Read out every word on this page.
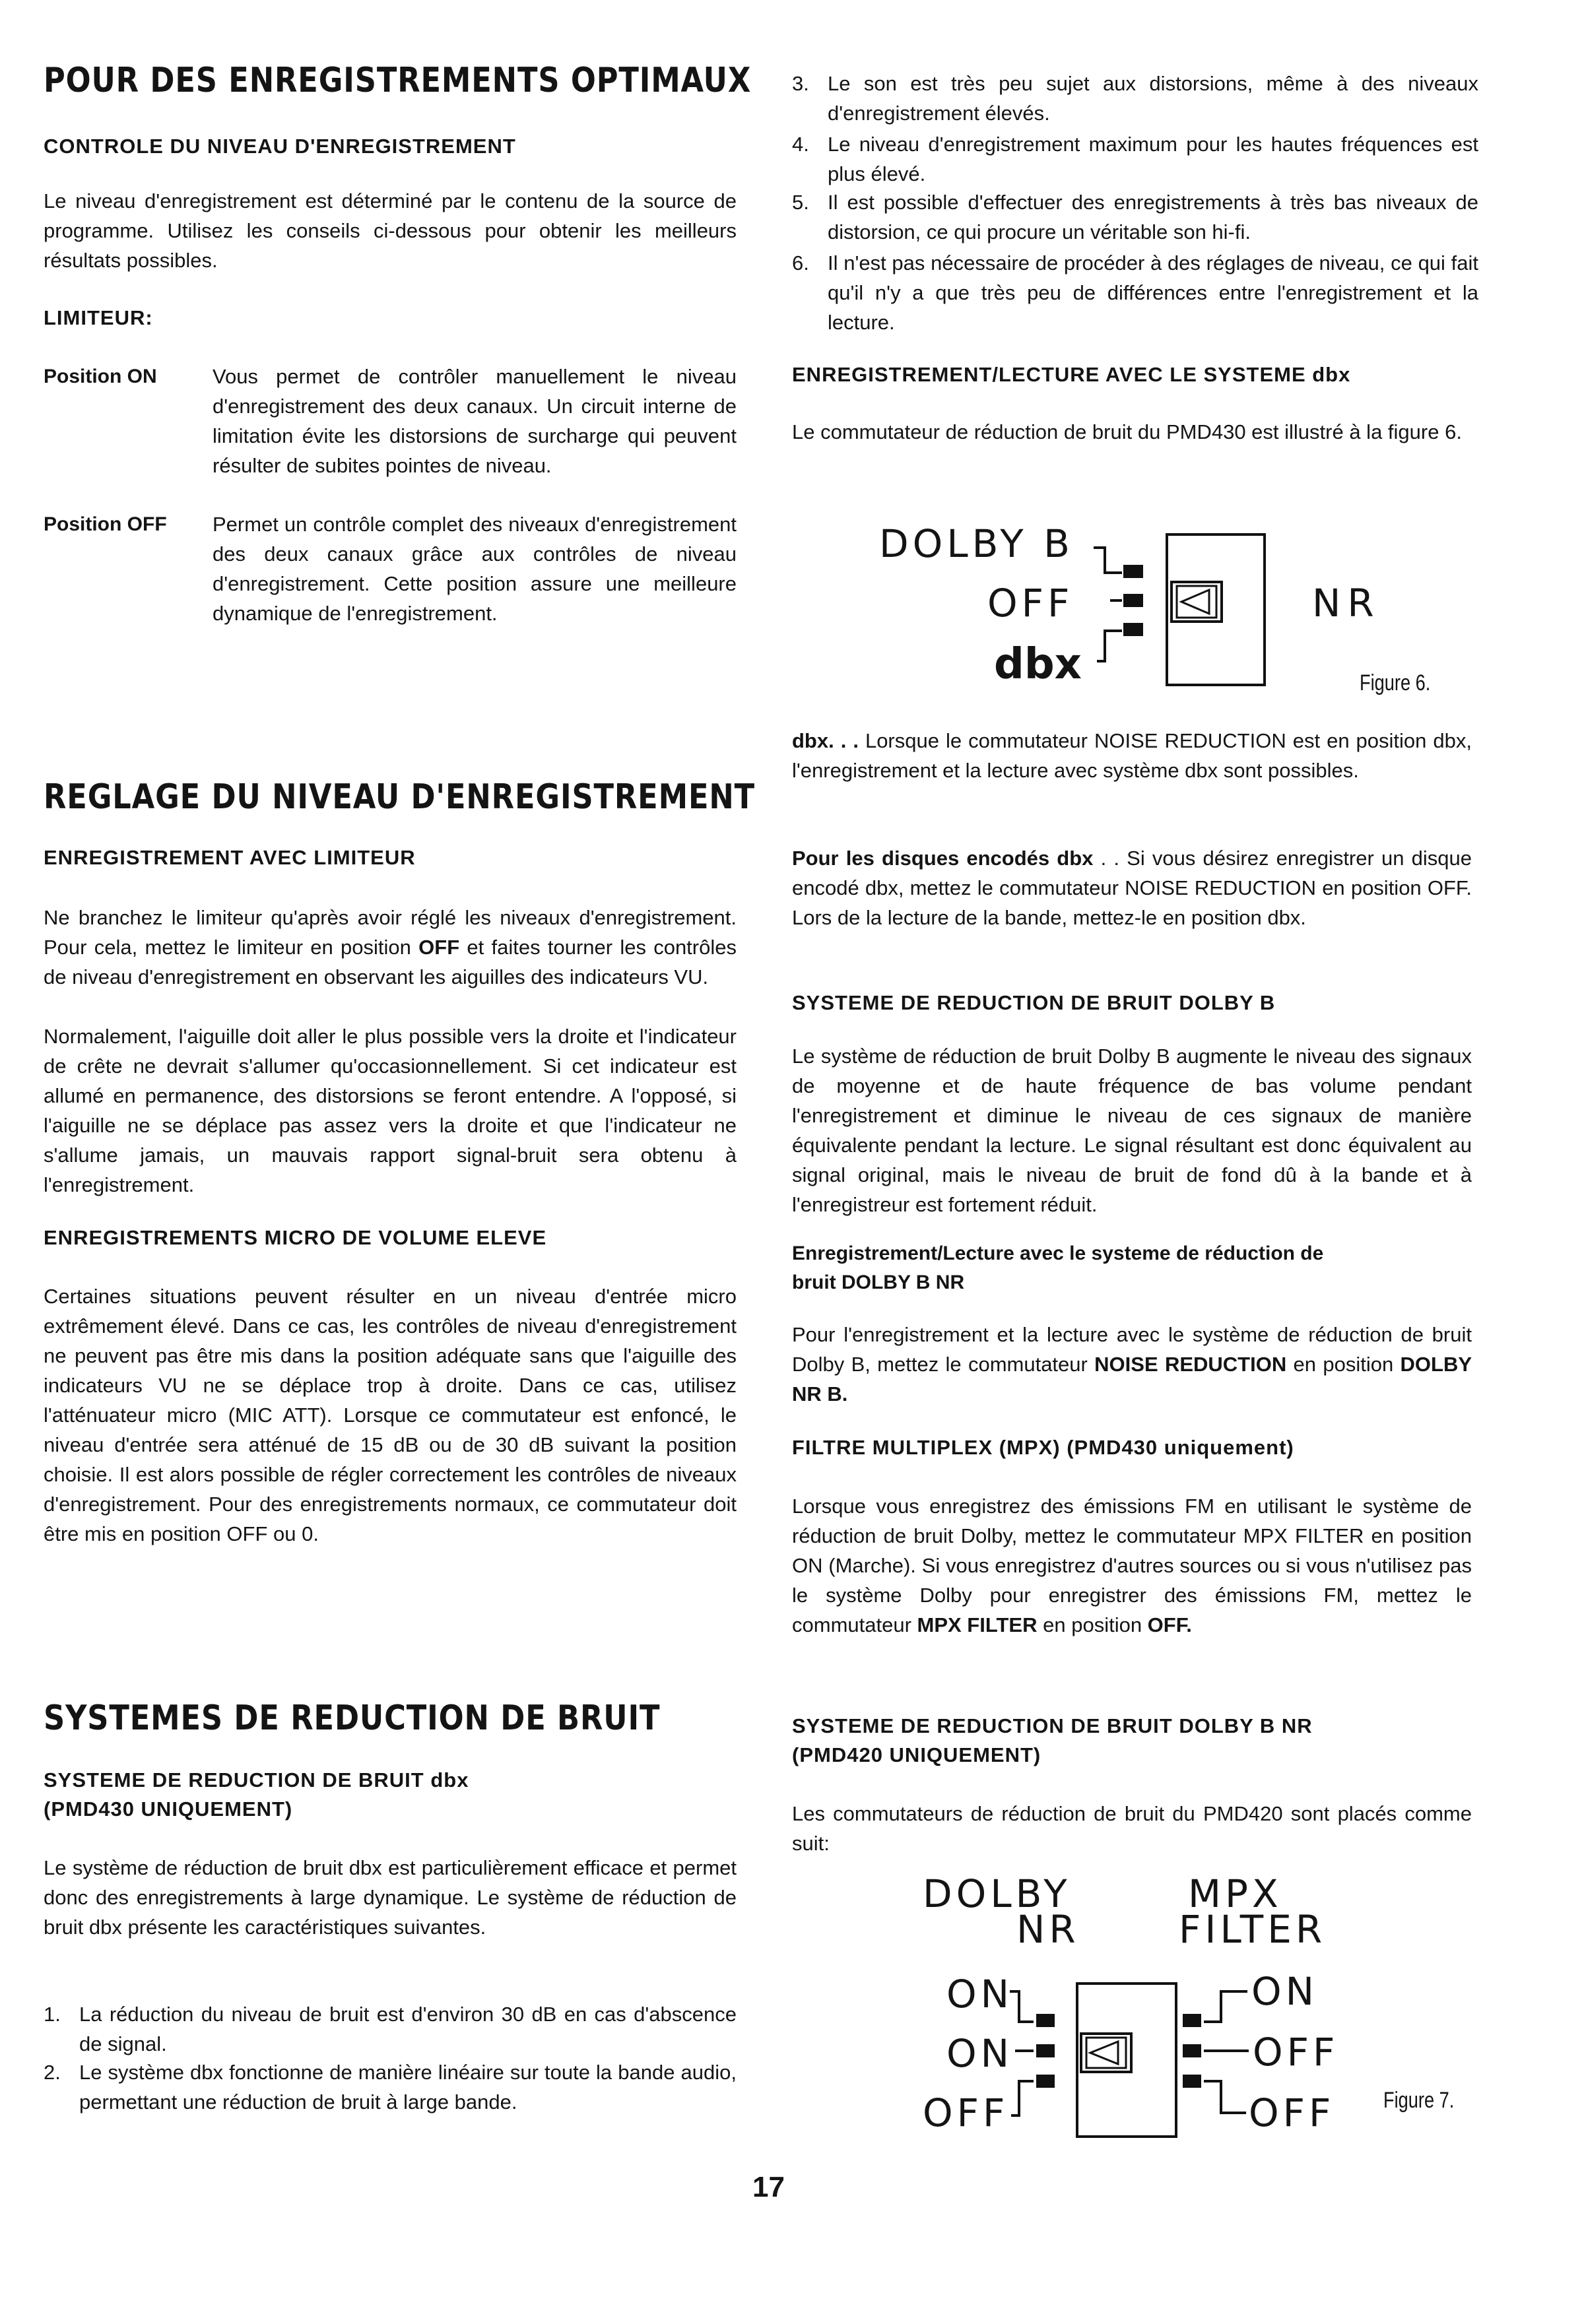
POUR DES ENREGISTREMENTS OPTIMAUX
CONTROLE DU NIVEAU D'ENREGISTREMENT

Le niveau d'enregistrement est déterminé par le contenu de la source de programme. Utilisez les conseils ci-dessous pour obtenir les meilleurs résultats possibles.

LIMITEUR:
Position ON	Vous permet de contrôler manuellement le niveau d'enregistrement des deux canaux. Un circuit interne de limitation évite les distorsions de surcharge qui peuvent résulter de subites pointes de niveau.

Position OFF Permet un contrôle complet des niveaux d'enregistrement des deux canaux grâce aux contrôles de niveau d'enregistrement. Cette position assure une meilleure dynamique de l'enregistrement.

REGLAGE DU NIVEAU D'ENREGISTREMENT
ENREGISTREMENT AVEC LIMITEUR

Ne branchez le limiteur qu'après avoir réglé les niveaux d'enregistrement. Pour cela, mettez le limiteur en position OFF et faites tourner les contrôles de niveau d'enregistrement en observant les aiguilles des indicateurs VU.

Normalement, l'aiguille doit aller le plus possible vers la droite et l'indicateur de crête ne devrait s'allumer qu'occasionnellement. Si cet indicateur est allumé en permanence, des distorsions se feront entendre. A l'opposé, si l'aiguille ne se déplace pas assez vers la droite et que l'indicateur ne s'allume jamais, un mauvais rapport signal-bruit sera obtenu à l'enregistrement.

ENREGISTREMENTS MICRO DE VOLUME ELEVE

Certaines situations peuvent résulter en un niveau d'entrée micro extrêmement élevé. Dans ce cas, les contrôles de niveau d'enregistrement ne peuvent pas être mis dans la position adéquate sans que l'aiguille des indicateurs VU ne se déplace trop à droite. Dans ce cas, utilisez l'atténuateur micro (MIC ATT). Lorsque ce commutateur est enfoncé, le niveau d'entrée sera atténué de 15 dB ou de 30 dB suivant la position choisie. Il est alors possible de régler correctement les contrôles de niveaux d'enregistrement. Pour des enregistrements normaux, ce commutateur doit être mis en position OFF ou 0.

SYSTEMES DE REDUCTION DE BRUIT
SYSTEME DE REDUCTION DE BRUIT dbx
(PMD430 UNIQUEMENT)

Le système de réduction de bruit dbx est particulièrement efficace et permet donc des enregistrements à large dynamique. Le système de réduction de bruit dbx présente les caractéristiques suivantes.

1. La réduction du niveau de bruit est d'environ 30 dB en cas d'abscence de signal.
2. Le système dbx fonctionne de manière linéaire sur toute la bande audio, permettant une réduction de bruit à large bande.
3. Le son est très peu sujet aux distorsions, même à des niveaux d'enregistrement élevés.
4. Le niveau d'enregistrement maximum pour les hautes fréquences est plus élevé.
5. Il est possible d'effectuer des enregistrements à très bas niveaux de distorsion, ce qui procure un véritable son hi-fi.
6. Il n'est pas nécessaire de procéder à des réglages de niveau, ce qui fait qu'il n'y a que très peu de différences entre l'enregistrement et la lecture.
ENREGISTREMENT/LECTURE AVEC LE SYSTEME dbx

Le commutateur de réduction de bruit du PMD430 est illustré à la figure 6.

DOLBY B
OFF
dbx
NR
Figure 6.

dbx. . . Lorsque le commutateur NOISE REDUCTION est en position dbx, l'enregistrement et la lecture avec système dbx sont possibles.

Pour les disques encodés dbx . . Si vous désirez enregistrer un disque encodé dbx, mettez le commutateur NOISE REDUCTION en position OFF. Lors de la lecture de la bande, mettez-le en position dbx.

SYSTEME DE REDUCTION DE BRUIT DOLBY B

Le système de réduction de bruit Dolby B augmente le niveau des signaux de moyenne et de haute fréquence de bas volume pendant l'enregistrement et diminue le niveau de ces signaux de manière équivalente pendant la lecture. Le signal résultant est donc équivalent au signal original, mais le niveau de bruit de fond dû à la bande et à l'enregistreur est fortement réduit.

Enregistrement/Lecture avec le systeme de réduction de
bruit DOLBY B NR

Pour l'enregistrement et la lecture avec le système de réduction de bruit Dolby B, mettez le commutateur NOISE REDUCTION en position DOLBY NR B.

FILTRE MULTIPLEX (MPX) (PMD430 uniquement)

Lorsque vous enregistrez des émissions FM en utilisant le système de réduction de bruit Dolby, mettez le commutateur MPX FILTER en position ON (Marche). Si vous enregistrez d'autres sources ou si vous n'utilisez pas le système Dolby pour enregistrer des émissions FM, mettez le commutateur MPX FILTER en position OFF.

SYSTEME DE REDUCTION DE BRUIT DOLBY B NR
(PMD420 UNIQUEMENT)

Les commutateurs de réduction de bruit du PMD420 sont placés comme suit:

DOLBY
NR
MPX
FILTER
ON
ON
OFF
ON
OFF
OFF Figure 7.
17
